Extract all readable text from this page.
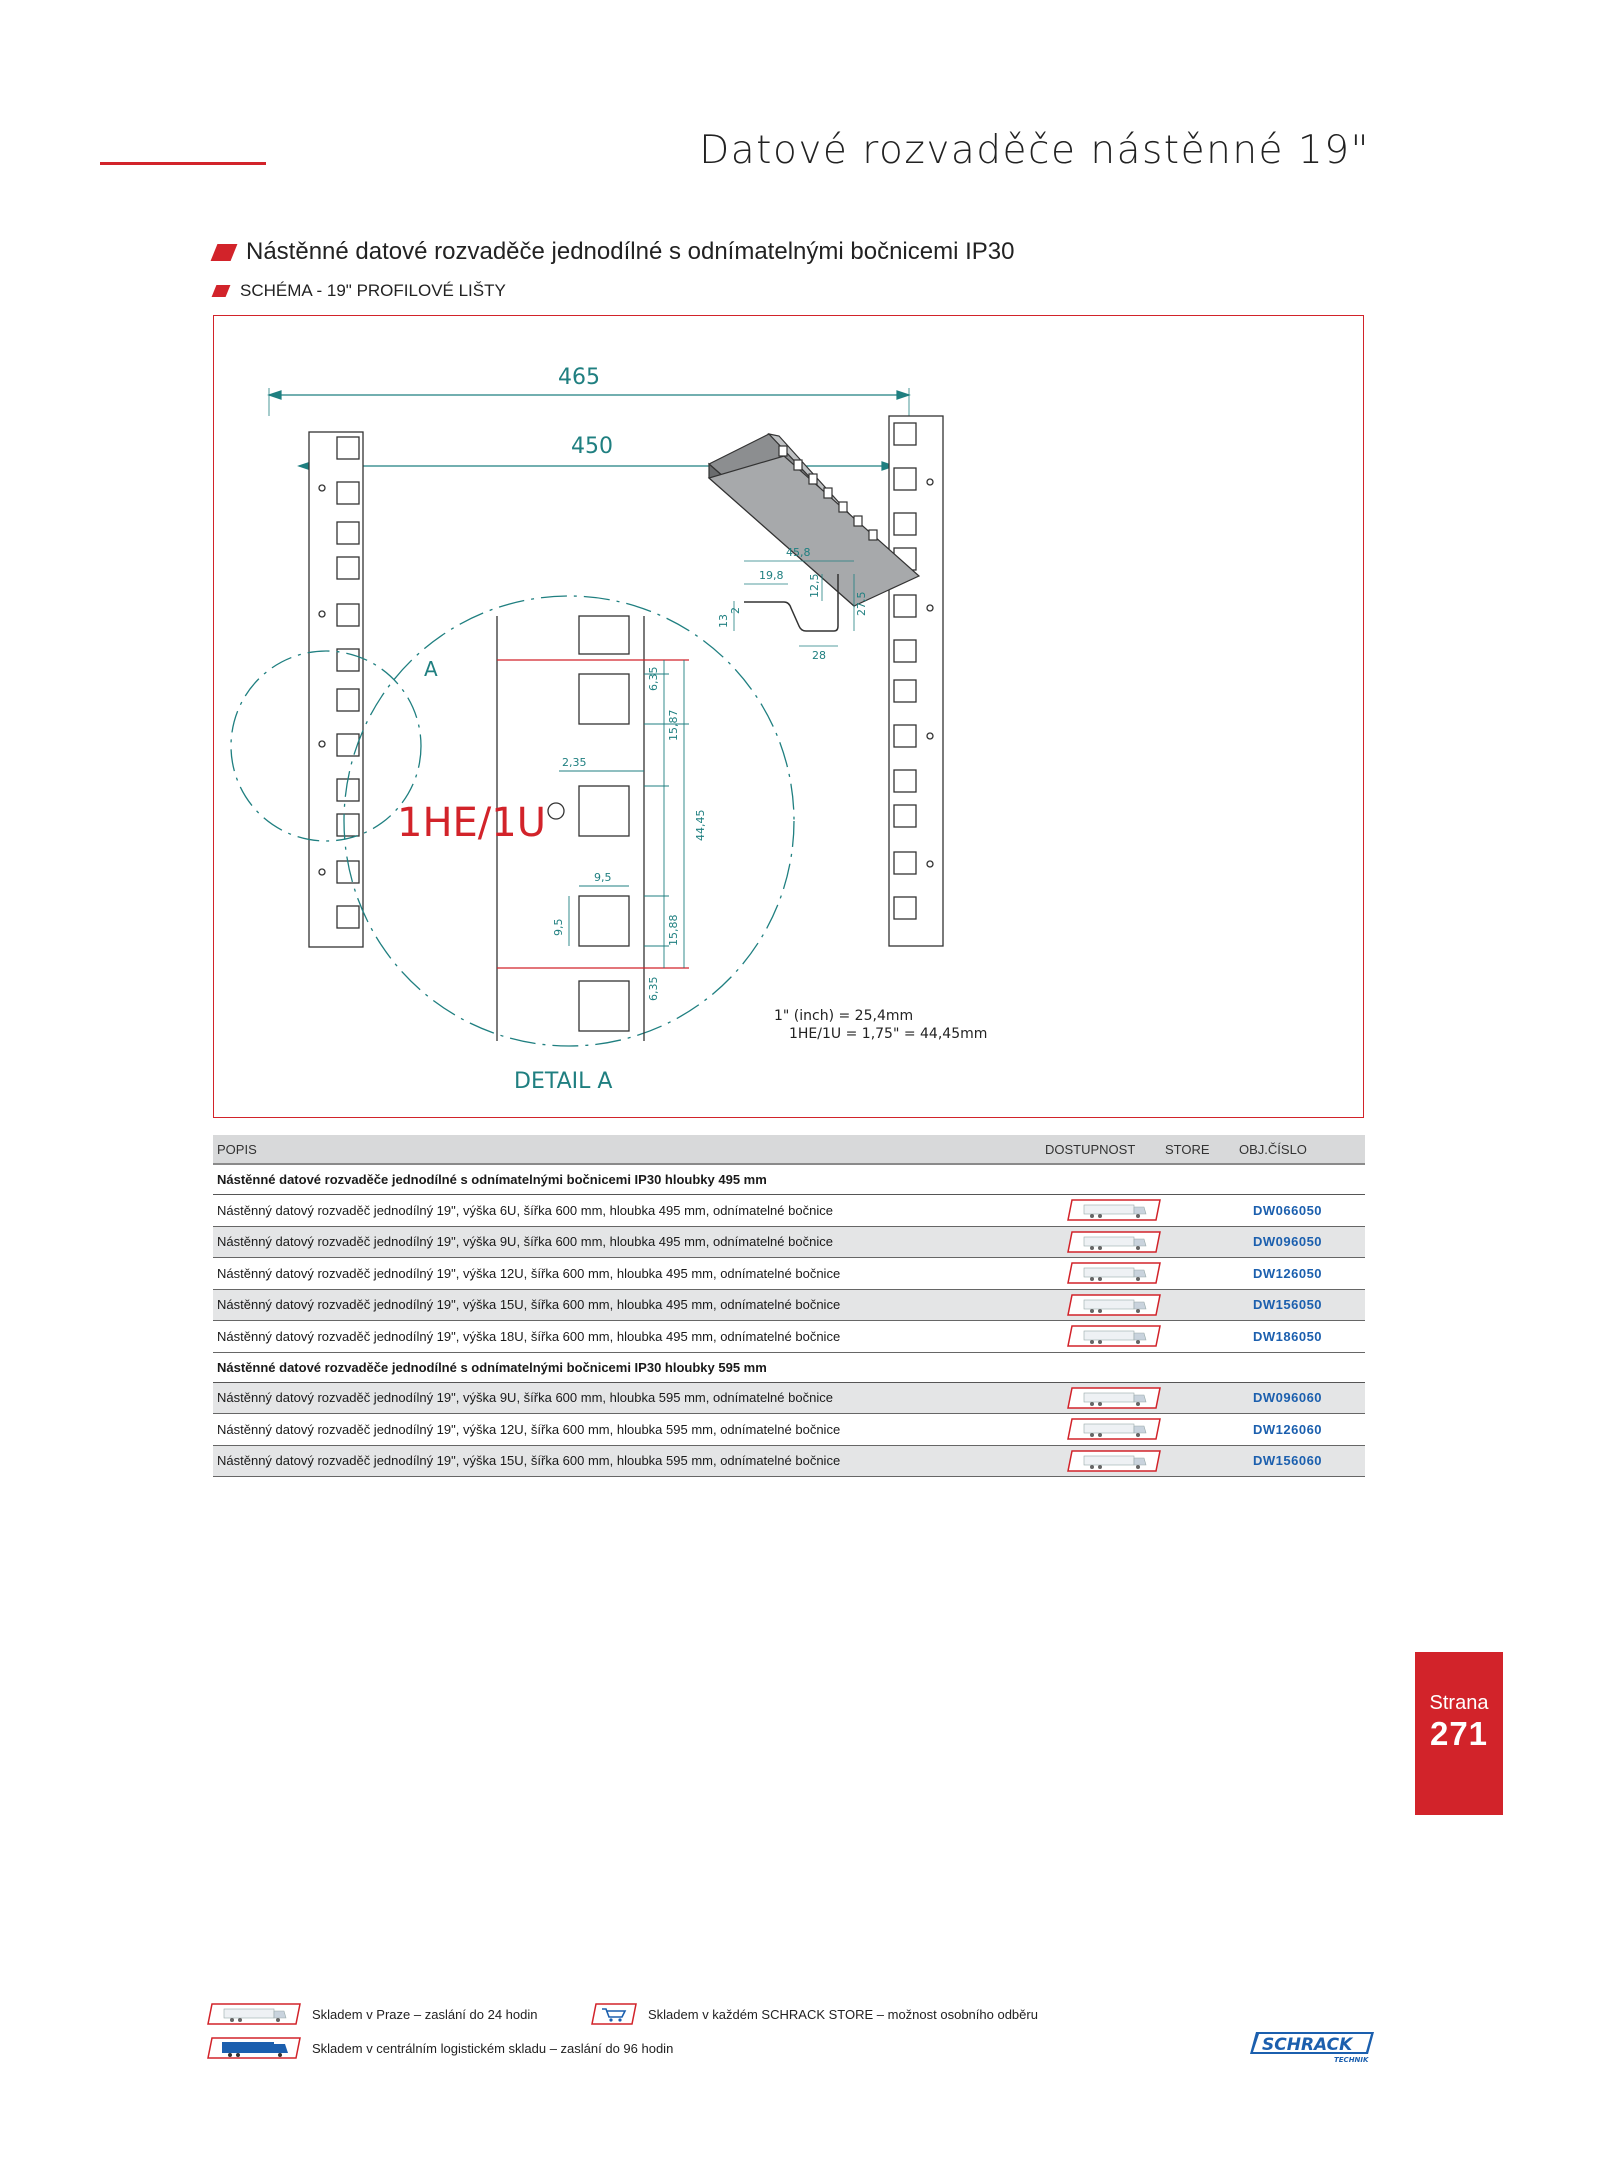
Datové rozvaděče nástěnné 19"
Nástěnné datové rozvaděče jednodílné s odnímatelnými bočnicemi IP30
SCHÉMA - 19" PROFILOVÉ LIŠTY
465
450
A
1HE/1U
6,35
15,87
44,45
2,35
9,5
15,88
9,5
6,35
DETAIL A
45,8
19,8 12,5
27,5
2
13
28
1" (inch) = 25,4mm
1HE/1U = 1,75" = 44,45mm
POPIS	DOSTUPNOST	STORE	OBJ.ČÍSLO
Nástěnné datové rozvaděče jednodílné s odnímatelnými bočnicemi IP30 hloubky 495 mm
Nástěnný datový rozvaděč jednodílný 19", výška 6U, šířka 600 mm, hloubka 495 mm, odnímatelné bočnice	DW066050
Nástěnný datový rozvaděč jednodílný 19", výška 9U, šířka 600 mm, hloubka 495 mm, odnímatelné bočnice	DW096050
Nástěnný datový rozvaděč jednodílný 19", výška 12U, šířka 600 mm, hloubka 495 mm, odnímatelné bočnice	DW126050
Nástěnný datový rozvaděč jednodílný 19", výška 15U, šířka 600 mm, hloubka 495 mm, odnímatelné bočnice	DW156050
Nástěnný datový rozvaděč jednodílný 19", výška 18U, šířka 600 mm, hloubka 495 mm, odnímatelné bočnice	DW186050
Nástěnné datové rozvaděče jednodílné s odnímatelnými bočnicemi IP30 hloubky 595 mm
Nástěnný datový rozvaděč jednodílný 19", výška 9U, šířka 600 mm, hloubka 595 mm, odnímatelné bočnice	DW096060
Nástěnný datový rozvaděč jednodílný 19", výška 12U, šířka 600 mm, hloubka 595 mm, odnímatelné bočnice	DW126060
Nástěnný datový rozvaděč jednodílný 19", výška 15U, šířka 600 mm, hloubka 595 mm, odnímatelné bočnice	DW156060
Strana
271
Skladem v Praze – zaslání do 24 hodin	Skladem v každém SCHRACK STORE – možnost osobního odběru
Skladem v centrálním logistickém skladu – zaslání do 96 hodin	SCHRACK
TECHNIK
